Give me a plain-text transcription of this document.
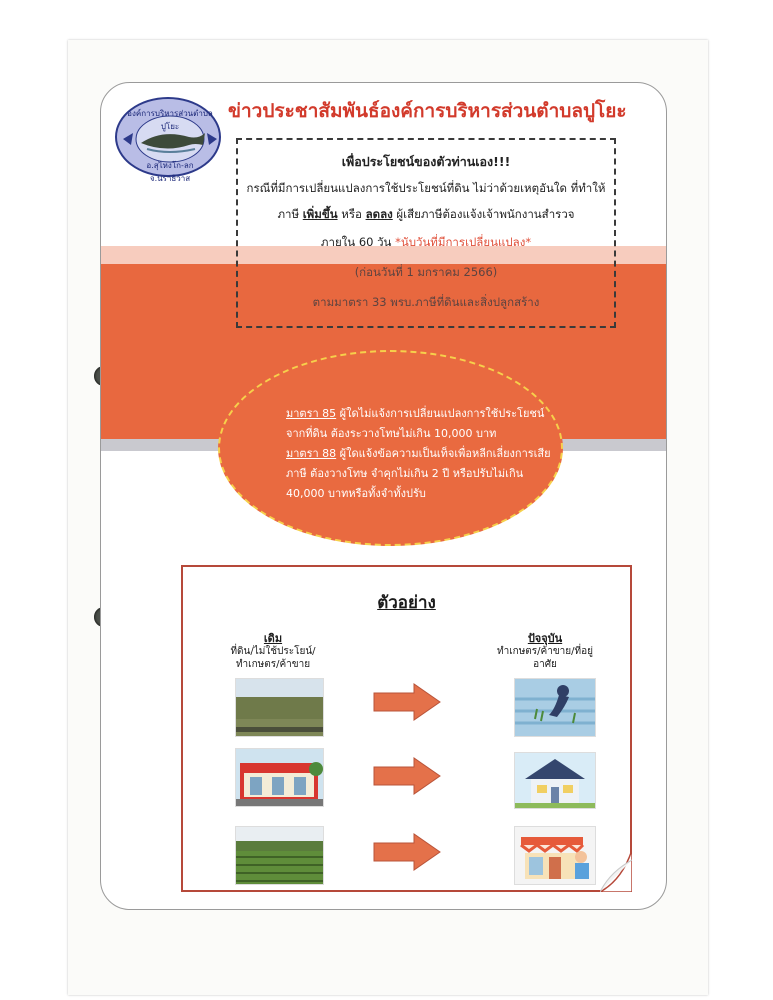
องค์การบริหารส่วนตำบลปูโยะ
อ.สุไหงโก-ลก จ.นราธิวาส
ข่าวประชาสัมพันธ์องค์การบริหารส่วนตำบลปูโยะ
เพื่อประโยชน์ของตัวท่านเอง!!!
กรณีที่มีการเปลี่ยนแปลงการใช้ประโยชน์ที่ดิน ไม่ว่าด้วยเหตุอันใด ที่ทำให้
ภาษี เพิ่มขึ้น หรือ ลดลง ผู้เสียภาษีต้องแจ้งเจ้าพนักงานสำรวจ
ภายใน 60 วัน *นับวันที่มีการเปลี่ยนแปลง*
(ก่อนวันที่ 1 มกราคม 2566)
ตามมาตรา 33 พรบ.ภาษีที่ดินและสิ่งปลูกสร้าง
มาตรา 85 ผู้ใดไม่แจ้งการเปลี่ยนแปลงการใช้ประโยชน์
จากที่ดิน ต้องระวางโทษไม่เกิน 10,000 บาท
มาตรา 88 ผู้ใดแจ้งข้อความเป็นเท็จเพื่อหลีกเลี่ยงการเสีย
ภาษี ต้องวางโทษ จำคุกไม่เกิน 2 ปี หรือปรับไม่เกิน
40,000 บาทหรือทั้งจำทั้งปรับ
ตัวอย่าง
เดิม
ที่ดิน/ไม่ใช้ประโยน์/
ทำเกษตร/ค้าขาย
ปัจจุบัน
ทำเกษตร/ค้าขาย/ที่อยู่
อาศัย
